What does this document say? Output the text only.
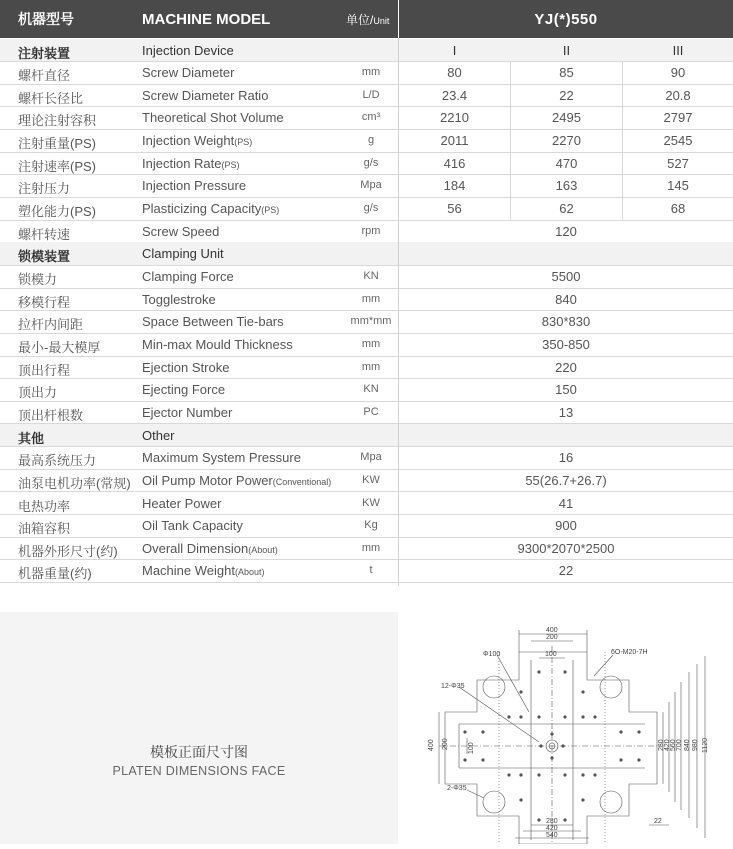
机器型号	MACHINE MODEL	单位/Unit	YJ(*)550
注射装置	Injection Device	I	II	III
螺杆直径	Screw Diameter	mm	80	85	90
螺杆长径比	Screw Diameter Ratio	L/D	23.4	22	20.8
理论注射容积	Theoretical Shot Volume	cm³	2210	2495	2797
注射重量(PS)	Injection Weight(PS)	g	2011	2270	2545
注射速率(PS)	Injection Rate(PS)	g/s	416	470	527
注射压力	Injection Pressure	Mpa	184	163	145
塑化能力(PS)	Plasticizing Capacity(PS)	g/s	56	62	68
螺杆转速	Screw Speed	rpm	120
锁模装置	Clamping Unit
锁模力	Clamping Force	KN	5500
移模行程	Togglestroke	mm	840
拉杆内间距	Space Between Tie-bars	mm*mm	830*830
最小-最大模厚	Min-max Mould Thickness	mm	350-850
顶出行程	Ejection Stroke	mm	220
顶出力	Ejecting Force	KN	150
顶出杆根数	Ejector Number	PC	13
其他	Other
最高系统压力	Maximum System Pressure	Mpa	16
油泵电机功率(常规) Oil Pump Motor Power(Conventional)	KW	55(26.7+26.7)
电热功率	Heater Power	KW	41
油箱容积	Oil Tank Capacity	Kg	900
机器外形尺寸(约) Overall Dimension(About)	mm	9300*2070*2500
机器重量(约)	Machine Weight(About)	t	22
模板正面尺寸图
PLATEN DIMENSIONS FACE
400
200
Φ100	100	6O-M20-7H
12-Φ35
2-Φ35
400 200	100	280 420 560 700 840 980 1120
280
420
540
22
